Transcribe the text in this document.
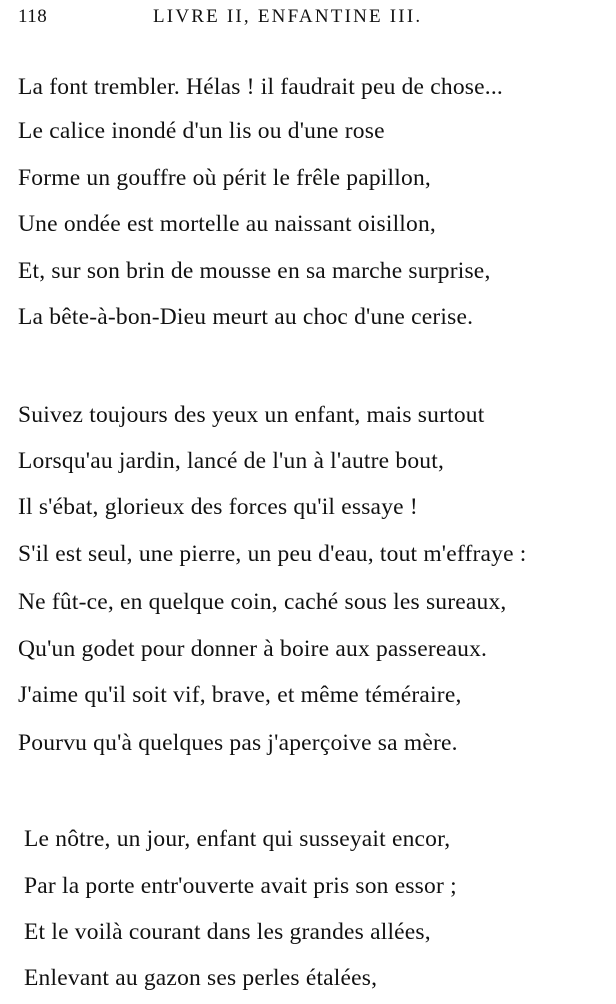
118	LIVRE II, ENFANTINE III.
La font trembler. Hélas ! il faudrait peu de chose...
Le calice inondé d'un lis ou d'une rose
Forme un gouffre où périt le frêle papillon,
Une ondée est mortelle au naissant oisillon,
Et, sur son brin de mousse en sa marche surprise,
La bête-à-bon-Dieu meurt au choc d'une cerise.
Suivez toujours des yeux un enfant, mais surtout
Lorsqu'au jardin, lancé de l'un à l'autre bout,
Il s'ébat, glorieux des forces qu'il essaye !
S'il est seul, une pierre, un peu d'eau, tout m'effraye :
Ne fût-ce, en quelque coin, caché sous les sureaux,
Qu'un godet pour donner à boire aux passereaux.
J'aime qu'il soit vif, brave, et même téméraire,
Pourvu qu'à quelques pas j'aperçoive sa mère.
Le nôtre, un jour, enfant qui susseyait encor,
Par la porte entr'ouverte avait pris son essor ;
Et le voilà courant dans les grandes allées,
Enlevant au gazon ses perles étalées,
